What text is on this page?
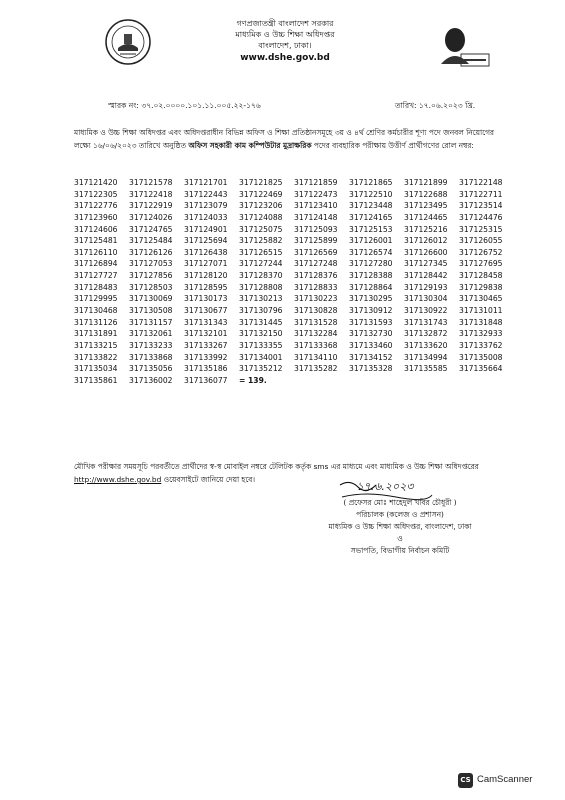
গণপ্রজাতন্ত্রী বাংলাদেশ সরকার
মাধ্যমিক ও উচ্চ শিক্ষা অধিদপ্তর
বাংলাদেশ, ঢাকা।
www.dshe.gov.bd
স্মারক নং: ৩৭.০২.০০০০.১০১.১১.০০৫.২২-১৭৬	তারিখ: ১৭.০৬.২০২৩ খ্রি.
মাধ্যমিক ও উচ্চ শিক্ষা অধিদপ্তর এবং অধিদপ্তরাধীন বিভিন্ন অফিস ও শিক্ষা প্রতিষ্ঠানসমূহে ৩য় ও ৪র্থ শ্রেণির কর্মচারীর শূণ্য পদে জনবল নিয়োগের লক্ষ্যে ১৬/০৬/২০২৩ তারিখে অনুষ্ঠিত অফিস সহকারী কাম কম্পিউটার মুদ্রাক্ষরিক পদের ব্যবহারিক পরীক্ষায় উত্তীর্ণ প্রার্থীগণের রোল নম্বর:
317121420	317121578	317121701	317121825	317121859	317121865	317121899	317122148
317122305	317122418	317122443	317122469	317122473	317122510	317122688	317122711
317122776	317122919	317123079	317123206	317123410	317123448	317123495	317123514
317123960	317124026	317124033	317124088	317124148	317124165	317124465	317124476
317124606	317124765	317124901	317125075	317125093	317125153	317125216	317125315
317125481	317125484	317125694	317125882	317125899	317126001	317126012	317126055
317126110	317126126	317126438	317126515	317126569	317126574	317126600	317126752
317126894	317127053	317127071	317127244	317127248	317127280	317127345	317127695
317127727	317127856	317128120	317128370	317128376	317128388	317128442	317128458
317128483	317128503	317128595	317128808	317128833	317128864	317129193	317129838
317129995	317130069	317130173	317130213	317130223	317130295	317130304	317130465
317130468	317130508	317130677	317130796	317130828	317130912	317130922	317131011
317131126	317131157	317131343	317131445	317131528	317131593	317131743	317131848
317131891	317132061	317132101	317132150	317132284	317132730	317132872	317132933
317133215	317133233	317133267	317133355	317133368	317133460	317133620	317133762
317133822	317133868	317133992	317134001	317134110	317134152	317134994	317135008
317135034	317135056	317135186	317135212	317135282	317135328	317135585	317135664
317135861	317136002	317136077	= 139.
মৌখিক পরীক্ষার সময়সূচি পরবর্তীতে প্রার্থীদের স্ব-স্ব মোবাইল নম্বরে টেলিটক কর্তৃক sms এর মাধ্যমে এবং মাধ্যমিক ও উচ্চ শিক্ষা অধিদপ্তরের http://www.dshe.gov.bd ওয়েবসাইটে জানিয়ে দেয়া হবে।
১৭.৬.২০২৩
( প্রফেসর মোঃ শাহেদুল খবির চৌধুরী )
পরিচালক (কলেজ ও প্রশাসন)
মাধ্যমিক ও উচ্চ শিক্ষা অধিদপ্তর, বাংলাদেশ, ঢাকা
ও
সভাপতি, বিভাগীয় নির্বাচন কমিটি
CS CamScanner
